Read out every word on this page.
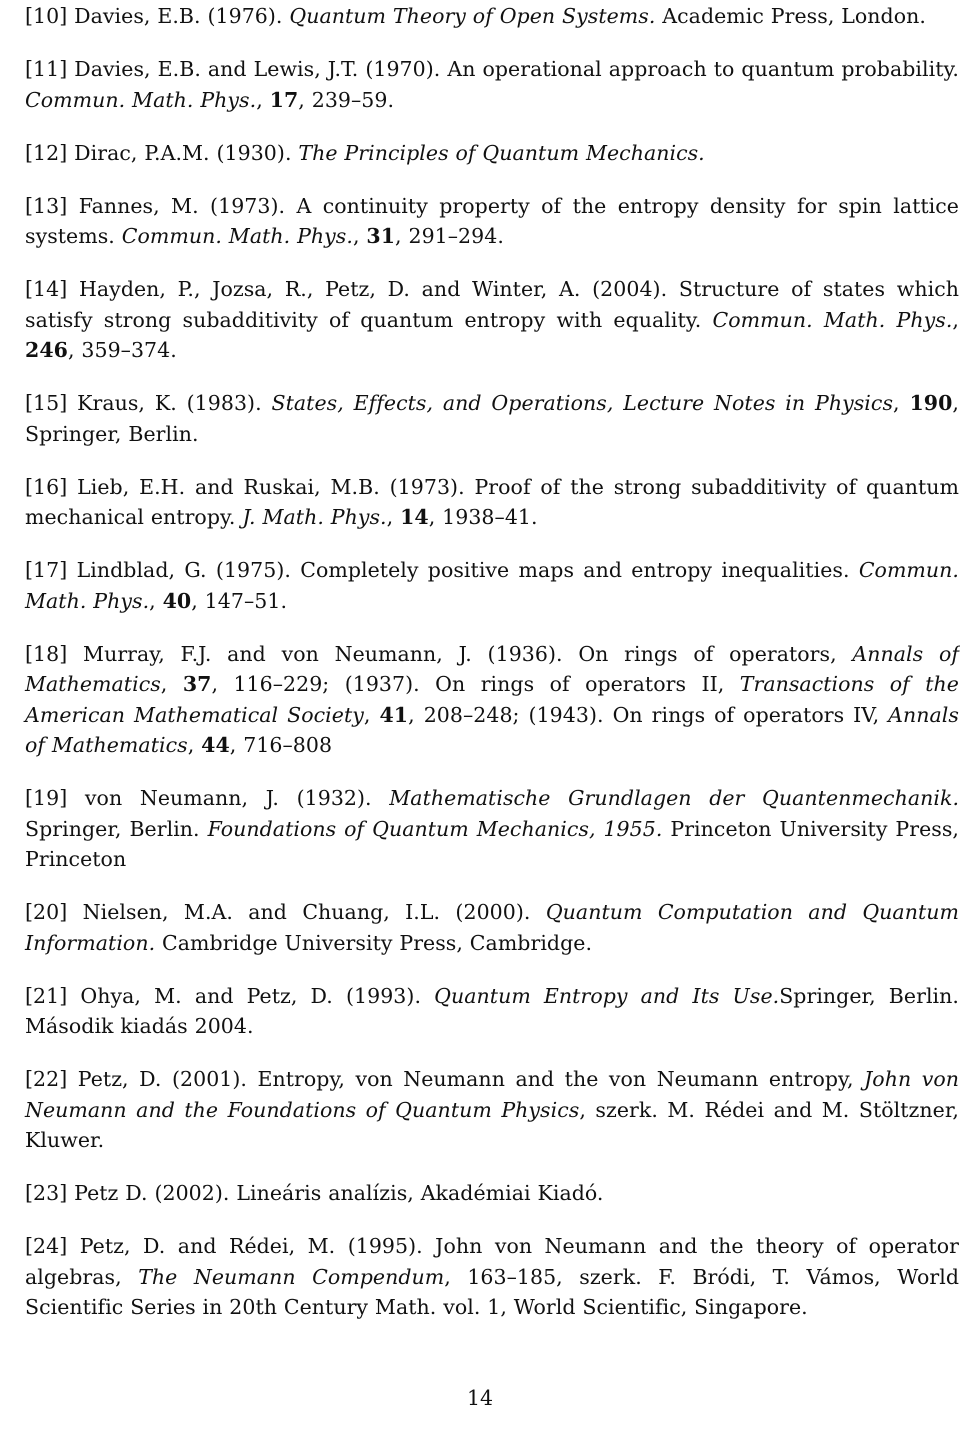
[10] Davies, E.B. (1976). Quantum Theory of Open Systems. Academic Press, London.
[11] Davies, E.B. and Lewis, J.T. (1970). An operational approach to quantum probability. Commun. Math. Phys., 17, 239–59.
[12] Dirac, P.A.M. (1930). The Principles of Quantum Mechanics.
[13] Fannes, M. (1973). A continuity property of the entropy density for spin lattice systems. Commun. Math. Phys., 31, 291–294.
[14] Hayden, P., Jozsa, R., Petz, D. and Winter, A. (2004). Structure of states which satisfy strong subadditivity of quantum entropy with equality. Commun. Math. Phys., 246, 359–374.
[15] Kraus, K. (1983). States, Effects, and Operations, Lecture Notes in Physics, 190, Springer, Berlin.
[16] Lieb, E.H. and Ruskai, M.B. (1973). Proof of the strong subadditivity of quantum mechanical entropy. J. Math. Phys., 14, 1938–41.
[17] Lindblad, G. (1975). Completely positive maps and entropy inequalities. Commun. Math. Phys., 40, 147–51.
[18] Murray, F.J. and von Neumann, J. (1936). On rings of operators, Annals of Mathematics, 37, 116–229; (1937). On rings of operators II, Transactions of the American Mathematical Society, 41, 208–248; (1943). On rings of operators IV, Annals of Mathematics, 44, 716–808
[19] von Neumann, J. (1932). Mathematische Grundlagen der Quantenmechanik. Springer, Berlin. Foundations of Quantum Mechanics, 1955. Princeton University Press, Princeton
[20] Nielsen, M.A. and Chuang, I.L. (2000). Quantum Computation and Quantum Information. Cambridge University Press, Cambridge.
[21] Ohya, M. and Petz, D. (1993). Quantum Entropy and Its Use.Springer, Berlin. Második kiadás 2004.
[22] Petz, D. (2001). Entropy, von Neumann and the von Neumann entropy, John von Neumann and the Foundations of Quantum Physics, szerk. M. Rédei and M. Stöltzner, Kluwer.
[23] Petz D. (2002). Lineáris analízis, Akadémiai Kiadó.
[24] Petz, D. and Rédei, M. (1995). John von Neumann and the theory of operator algebras, The Neumann Compendum, 163–185, szerk. F. Bródi, T. Vámos, World Scientific Series in 20th Century Math. vol. 1, World Scientific, Singapore.
14
